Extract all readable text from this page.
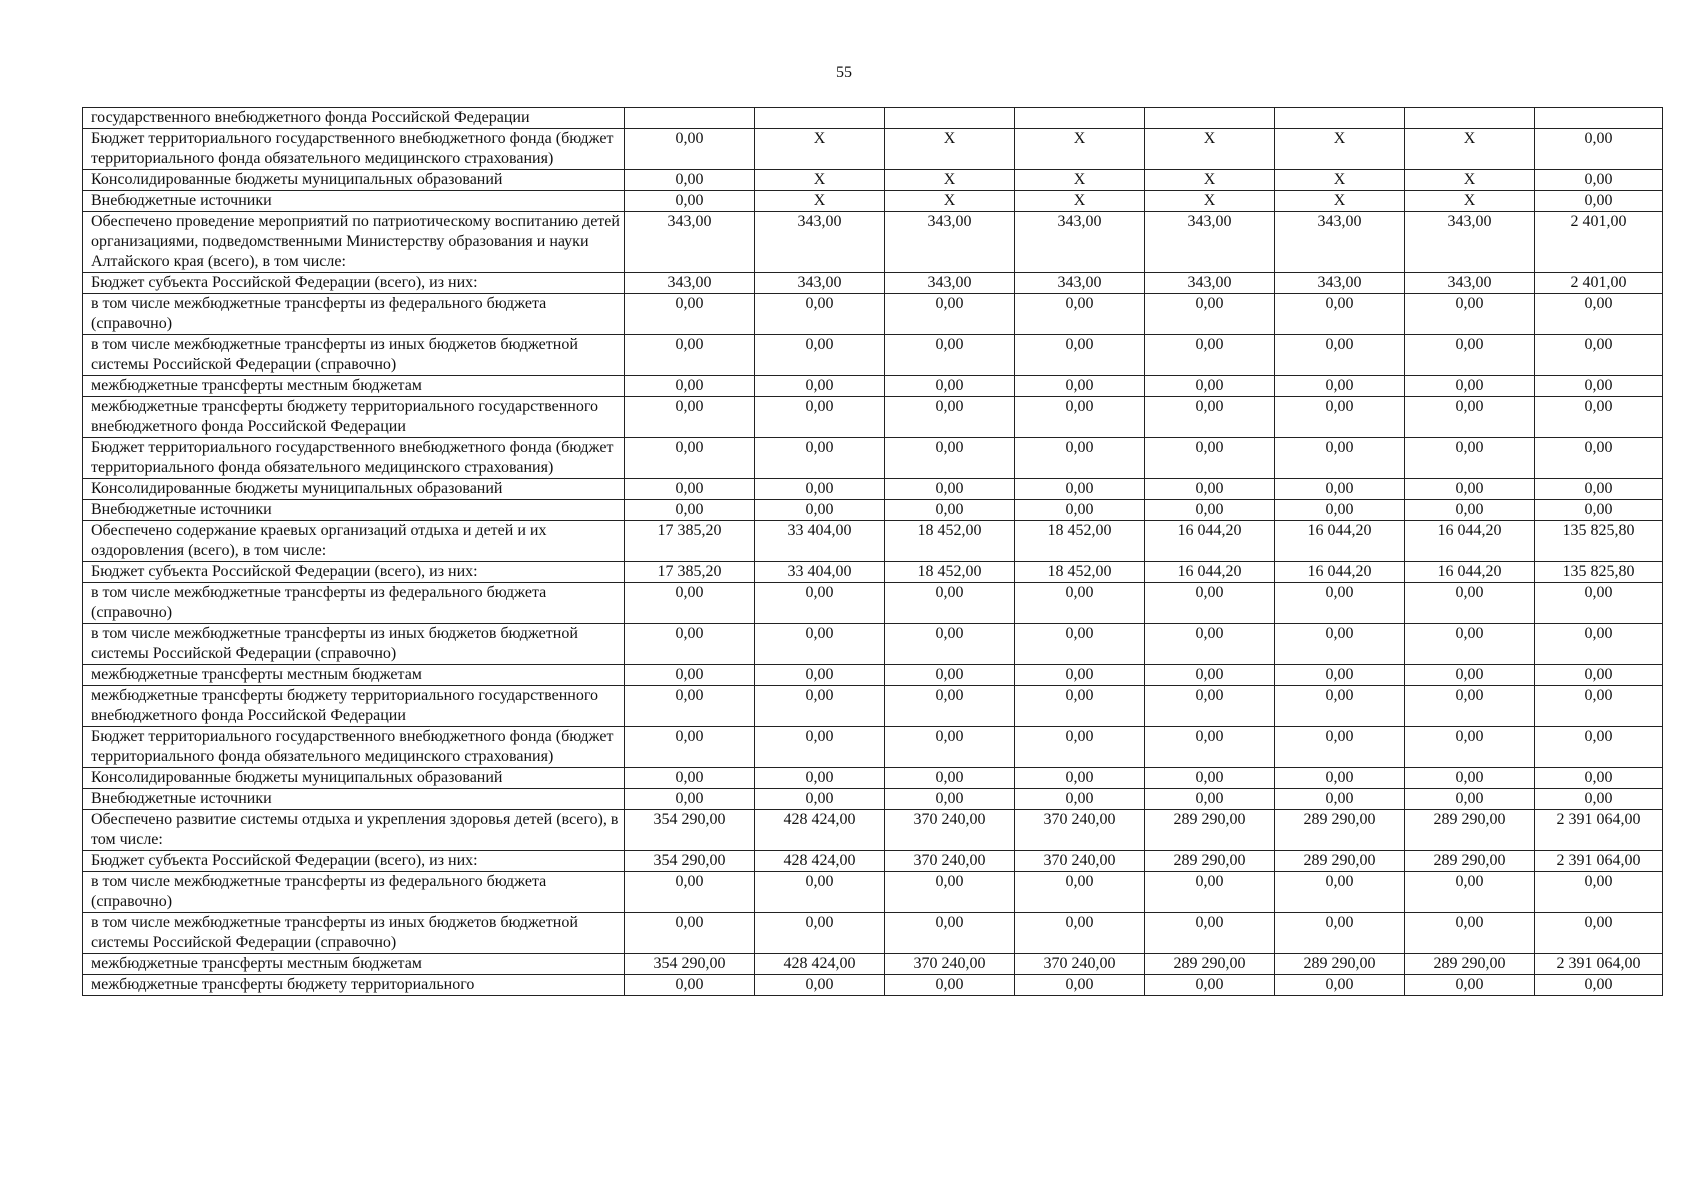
55
государственного внебюджетного фонда Российской Федерации								
Бюджет территориального государственного внебюджетного фонда (бюджет территориального фонда обязательного медицинского страхования)	0,00	X	X	X	X	X	X	0,00
Консолидированные бюджеты муниципальных образований	0,00	X	X	X	X	X	X	0,00
Внебюджетные источники	0,00	X	X	X	X	X	X	0,00
Обеспечено проведение мероприятий по патриотическому воспитанию детей организациями, подведомственными Министерству образования и науки Алтайского края (всего), в том числе:	343,00	343,00	343,00	343,00	343,00	343,00	343,00	2 401,00
Бюджет субъекта Российской Федерации (всего), из них:	343,00	343,00	343,00	343,00	343,00	343,00	343,00	2 401,00
в том числе межбюджетные трансферты из федерального бюджета (справочно)	0,00	0,00	0,00	0,00	0,00	0,00	0,00	0,00
в том числе межбюджетные трансферты из иных бюджетов бюджетной системы Российской Федерации (справочно)	0,00	0,00	0,00	0,00	0,00	0,00	0,00	0,00
межбюджетные трансферты местным бюджетам	0,00	0,00	0,00	0,00	0,00	0,00	0,00	0,00
межбюджетные трансферты бюджету территориального государственного внебюджетного фонда Российской Федерации	0,00	0,00	0,00	0,00	0,00	0,00	0,00	0,00
Бюджет территориального государственного внебюджетного фонда (бюджет территориального фонда обязательного медицинского страхования)	0,00	0,00	0,00	0,00	0,00	0,00	0,00	0,00
Консолидированные бюджеты муниципальных образований	0,00	0,00	0,00	0,00	0,00	0,00	0,00	0,00
Внебюджетные источники	0,00	0,00	0,00	0,00	0,00	0,00	0,00	0,00
Обеспечено содержание краевых организаций отдыха и детей и их оздоровления (всего), в том числе:	17 385,20	33 404,00	18 452,00	18 452,00	16 044,20	16 044,20	16 044,20	135 825,80
Бюджет субъекта Российской Федерации (всего), из них:	17 385,20	33 404,00	18 452,00	18 452,00	16 044,20	16 044,20	16 044,20	135 825,80
в том числе межбюджетные трансферты из федерального бюджета (справочно)	0,00	0,00	0,00	0,00	0,00	0,00	0,00	0,00
в том числе межбюджетные трансферты из иных бюджетов бюджетной системы Российской Федерации (справочно)	0,00	0,00	0,00	0,00	0,00	0,00	0,00	0,00
межбюджетные трансферты местным бюджетам	0,00	0,00	0,00	0,00	0,00	0,00	0,00	0,00
межбюджетные трансферты бюджету территориального государственного внебюджетного фонда Российской Федерации	0,00	0,00	0,00	0,00	0,00	0,00	0,00	0,00
Бюджет территориального государственного внебюджетного фонда (бюджет территориального фонда обязательного медицинского страхования)	0,00	0,00	0,00	0,00	0,00	0,00	0,00	0,00
Консолидированные бюджеты муниципальных образований	0,00	0,00	0,00	0,00	0,00	0,00	0,00	0,00
Внебюджетные источники	0,00	0,00	0,00	0,00	0,00	0,00	0,00	0,00
Обеспечено развитие системы отдыха и укрепления здоровья детей (всего), в том числе:	354 290,00	428 424,00	370 240,00	370 240,00	289 290,00	289 290,00	289 290,00	2 391 064,00
Бюджет субъекта Российской Федерации (всего), из них:	354 290,00	428 424,00	370 240,00	370 240,00	289 290,00	289 290,00	289 290,00	2 391 064,00
в том числе межбюджетные трансферты из федерального бюджета (справочно)	0,00	0,00	0,00	0,00	0,00	0,00	0,00	0,00
в том числе межбюджетные трансферты из иных бюджетов бюджетной системы Российской Федерации (справочно)	0,00	0,00	0,00	0,00	0,00	0,00	0,00	0,00
межбюджетные трансферты местным бюджетам	354 290,00	428 424,00	370 240,00	370 240,00	289 290,00	289 290,00	289 290,00	2 391 064,00
межбюджетные трансферты бюджету территориального	0,00	0,00	0,00	0,00	0,00	0,00	0,00	0,00
